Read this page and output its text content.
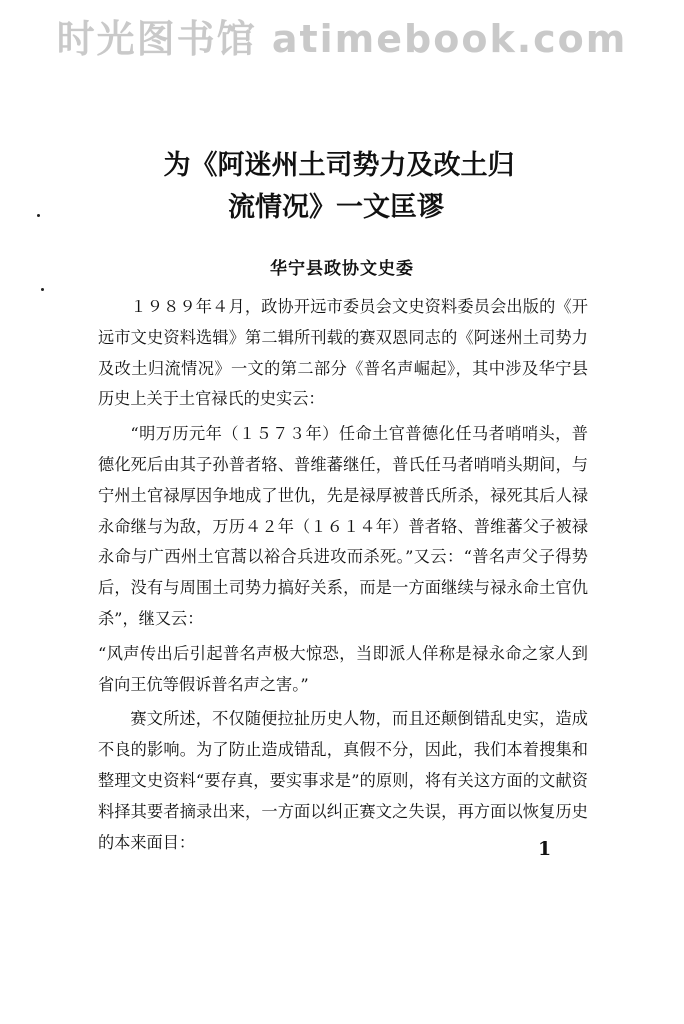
时光图书馆 atimebook.com
为《阿迷州土司势力及改土归
流情况》一文匡谬
华宁县政协文史委

１９８９年４月，政协开远市委员会文史资料委员会出版的《开远市文史资料选辑》第二辑所刊载的赛双恩同志的《阿迷州土司势力及改土归流情况》一文的第二部分《普名声崛起》，其中涉及华宁县历史上关于土官禄氏的史实云：

“明万历元年（１５７３年）任命土官普德化任马者哨哨头，普德化死后由其子孙普者辂、普维蕃继任，普氏任马者哨哨头期间，与宁州土官禄厚因争地成了世仇，先是禄厚被普氏所杀，禄死其后人禄永命继与为敌，万历４２年（１６１４年）普者辂、普维蕃父子被禄永命与广西州土官蒿以裕合兵进攻而杀死。”又云：“普名声父子得势后，没有与周围土司势力搞好关系，而是一方面继续与禄永命土官仇杀”，继又云：

“风声传出后引起普名声极大惊恐，当即派人佯称是禄永命之家人到省向王伉等假诉普名声之害。”

赛文所述，不仅随便拉扯历史人物，而且还颠倒错乱史实，造成不良的影响。为了防止造成错乱，真假不分，因此，我们本着搜集和整理文史资料“要存真，要实事求是”的原则，将有关这方面的文献资料择其要者摘录出来，一方面以纠正赛文之失误，再方面以恢复历史的本来面目：	1
